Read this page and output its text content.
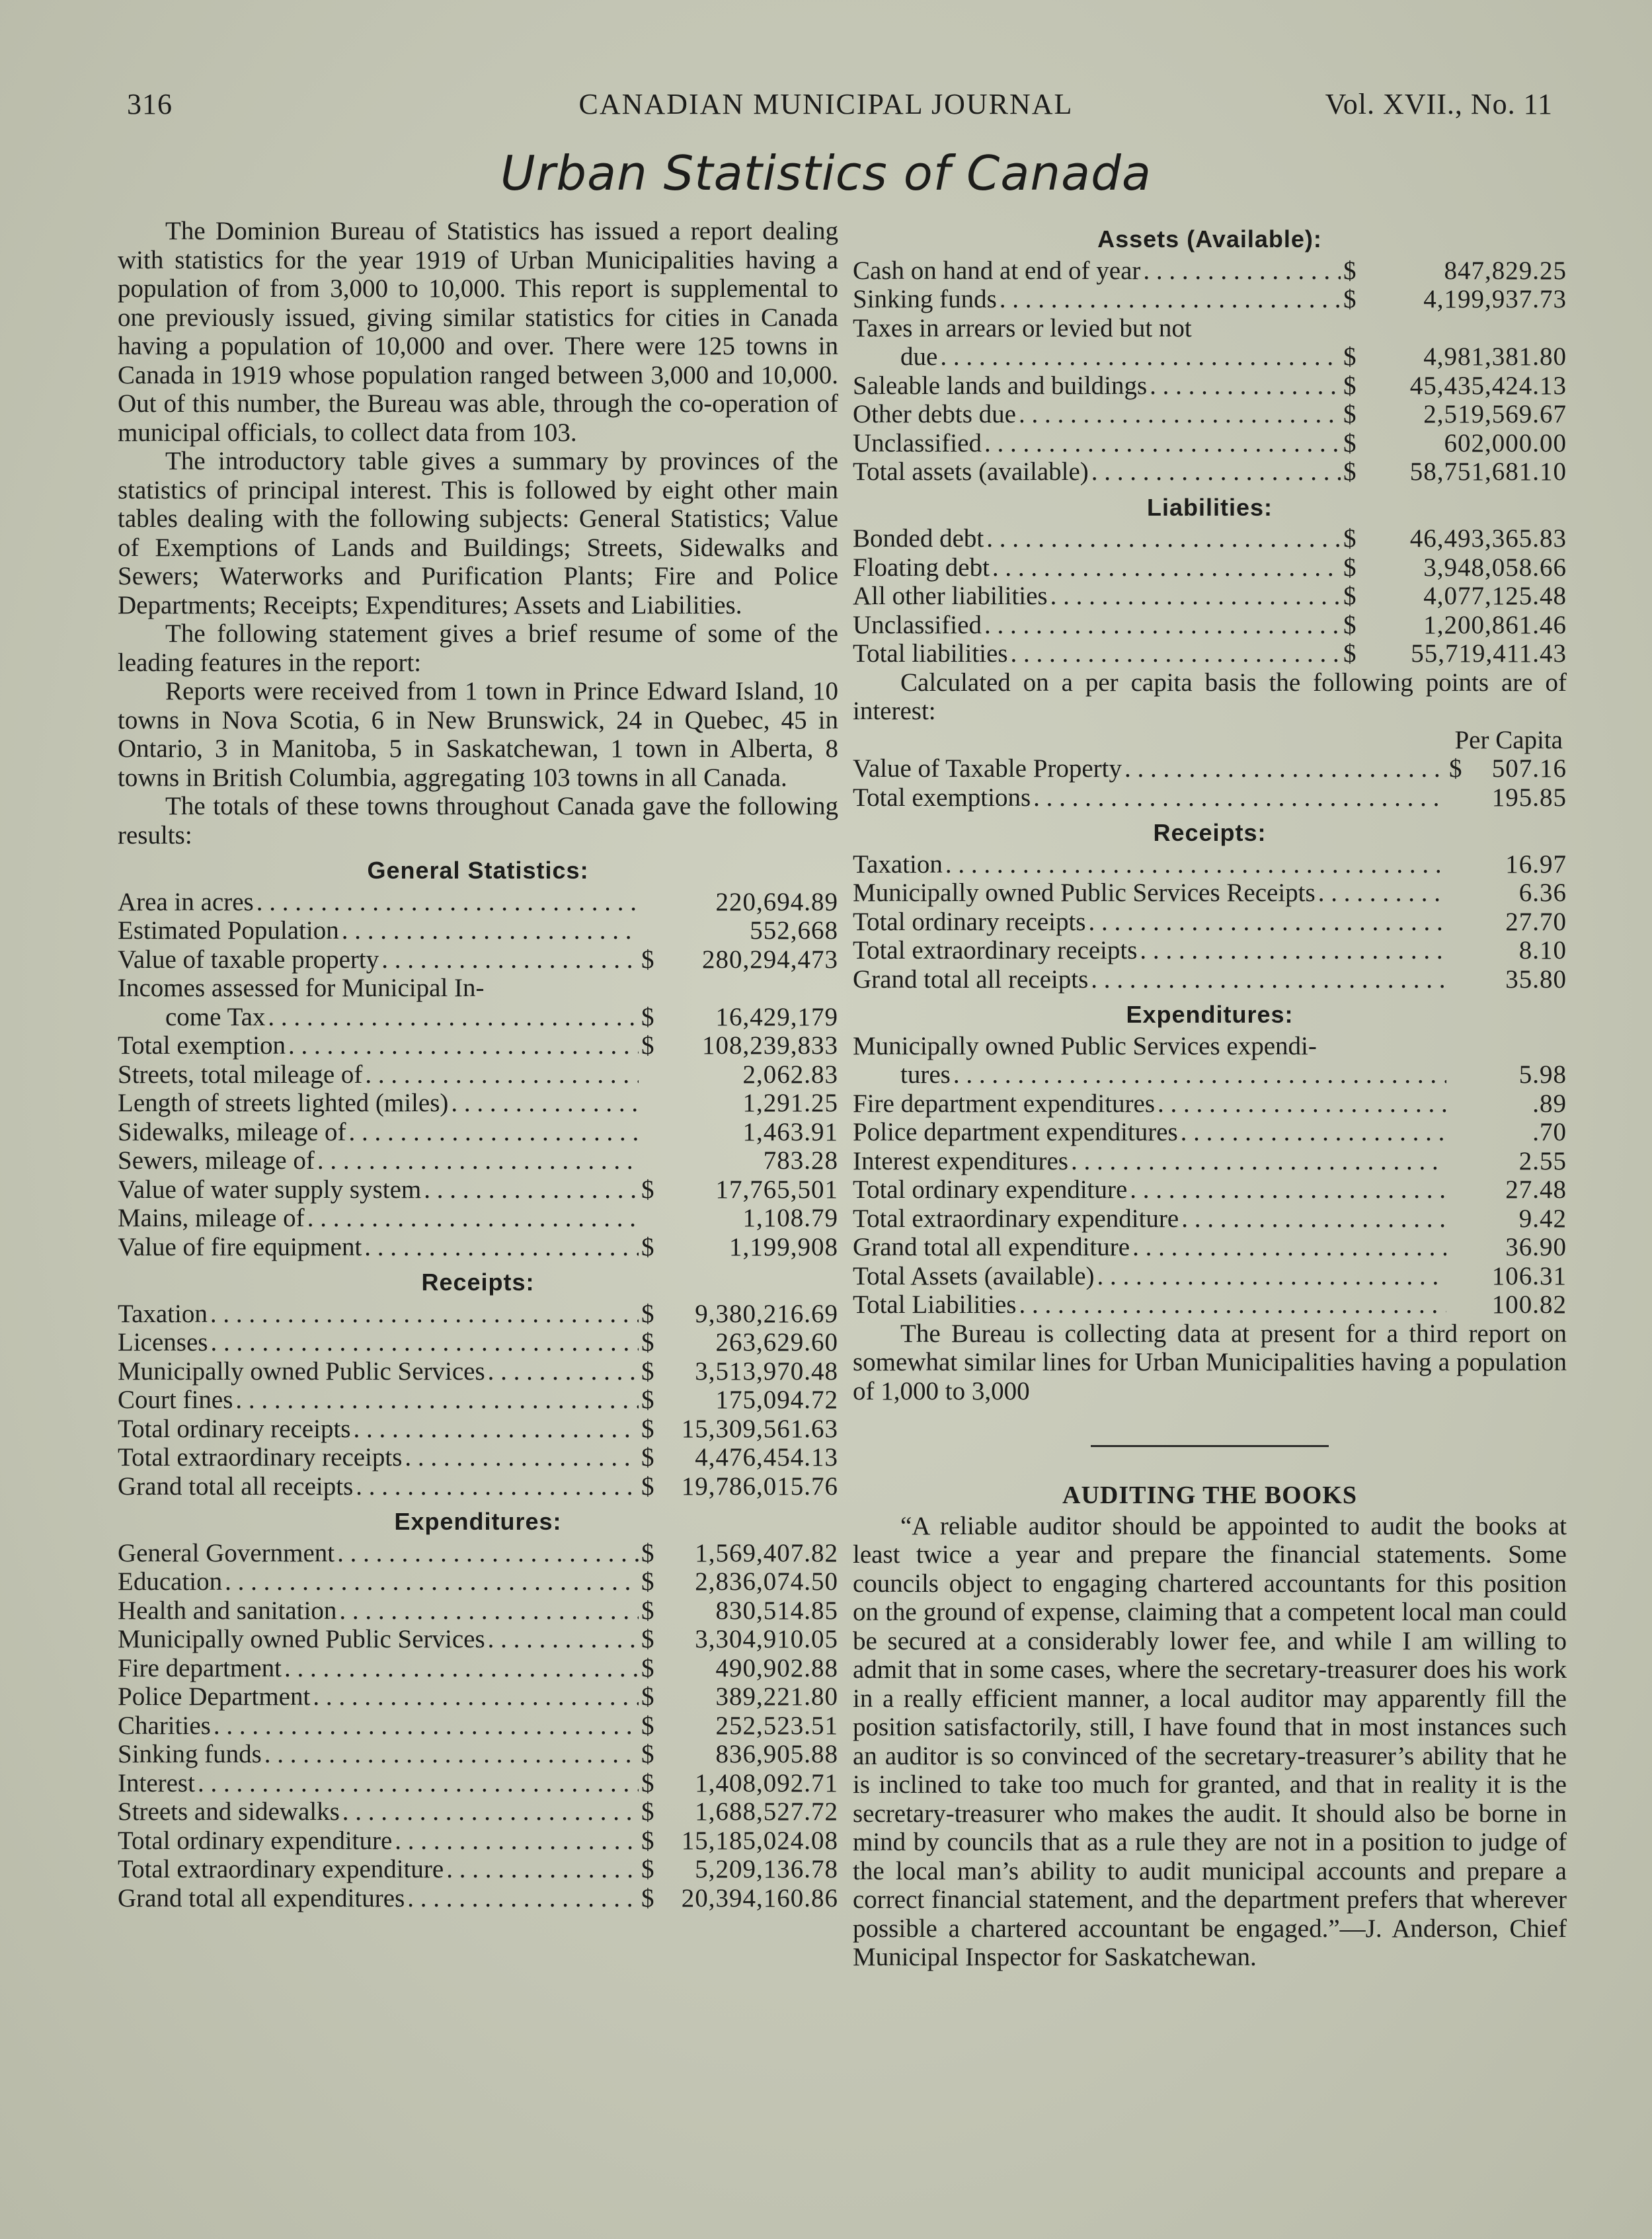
316	CANADIAN MUNICIPAL JOURNAL	Vol. XVII., No. 11
Urban Statistics of Canada

The Dominion Bureau of Statistics has issued a report dealing with statistics for the year 1919 of Urban Municipalities having a population of from 3,000 to 10,000. This report is supplemental to one previously issued, giving similar statistics for cities in Canada having a population of 10,000 and over. There were 125 towns in Canada in 1919 whose population ranged between 3,000 and 10,000. Out of this number, the Bureau was able, through the co-operation of municipal officials, to collect data from 103.

The introductory table gives a summary by provinces of the statistics of principal interest. This is followed by eight other main tables dealing with the following subjects: General Statistics; Value of Exemptions of Lands and Buildings; Streets, Sidewalks and Sewers; Waterworks and Purification Plants; Fire and Police Departments; Receipts; Expenditures; Assets and Liabilities.

The following statement gives a brief resume of some of the leading features in the report:

Reports were received from 1 town in Prince Edward Island, 10 towns in Nova Scotia, 6 in New Brunswick, 24 in Quebec, 45 in Ontario, 3 in Manitoba, 5 in Saskatchewan, 1 town in Alberta, 8 towns in British Columbia, aggregating 103 towns in all Canada.

The totals of these towns throughout Canada gave the following results:

General Statistics:
Area in acres . . .	220,694.89
Estimated Population . . .	552,668
Value of taxable property . . .	$	280,294,473
Incomes assessed for Municipal In-
come Tax . . .	$	16,429,179
Total exemption . . .	$	108,239,833
Streets, total mileage of . . .	2,062.83
Length of streets lighted (miles) . . .	1,291.25
Sidewalks, mileage of . . .	1,463.91
Sewers, mileage of . . .	783.28
Value of water supply system . . .	$	17,765,501
Mains, mileage of . . .	1,108.79
Value of fire equipment . . .	$	1,199,908
Receipts:
Taxation . . .	$	9,380,216.69
Licenses . . .	$	263,629.60
Municipally owned Public Services . . .	$	3,513,970.48
Court fines . . .	$	175,094.72
Total ordinary receipts . . .	$	15,309,561.63
Total extraordinary receipts . . .	$	4,476,454.13
Grand total all receipts . . .	$	19,786,015.76
Expenditures:
General Government . . .	$	1,569,407.82
Education . . .	$	2,836,074.50
Health and sanitation . . .	$	830,514.85
Municipally owned Public Services . . .	$	3,304,910.05
Fire department . . .	$	490,902.88
Police Department . . .	$	389,221.80
Charities . . .	$	252,523.51
Sinking funds . . .	$	836,905.88
Interest . . .	$	1,408,092.71
Streets and sidewalks . . .	$	1,688,527.72
Total ordinary expenditure . . .	$	15,185,024.08
Total extraordinary expenditure . . .	$	5,209,136.78
Grand total all expenditures . . .	$	20,394,160.86
Assets (Available):
Cash on hand at end of year . . .	$	847,829.25
Sinking funds . . .	$	4,199,937.73
Taxes in arrears or levied but not
due . . .	$	4,981,381.80
Saleable lands and buildings . . .	$	45,435,424.13
Other debts due . . .	$	2,519,569.67
Unclassified . . .	$	602,000.00
Total assets (available) . . .	$	58,751,681.10
Liabilities:
Bonded debt . . .	$	46,493,365.83
Floating debt . . .	$	3,948,058.66
All other liabilities . . .	$	4,077,125.48
Unclassified . . .	$	1,200,861.46
Total liabilities . . .	$	55,719,411.43

Calculated on a per capita basis the following points are of interest:

Per Capita
Value of Taxable Property . . .	$	507.16
Total exemptions . . .	195.85
Receipts:
Taxation . . .	16.97
Municipally owned Public Services Receipts . . .	6.36
Total ordinary receipts . . .	27.70
Total extraordinary receipts . . .	8.10
Grand total all receipts . . .	35.80
Expenditures:
Municipally owned Public Services expendi-
tures . . .	5.98
Fire department expenditures . . .	.89
Police department expenditures . . .	.70
Interest expenditures . . .	2.55
Total ordinary expenditure . . .	27.48
Total extraordinary expenditure . . .	9.42
Grand total all expenditure . . .	36.90
Total Assets (available) . . .	106.31
Total Liabilities . . .	100.82

The Bureau is collecting data at present for a third report on somewhat similar lines for Urban Municipalities having a population of 1,000 to 3,000

AUDITING THE BOOKS

“A reliable auditor should be appointed to audit the books at least twice a year and prepare the financial statements. Some councils object to engaging chartered accountants for this position on the ground of expense, claiming that a competent local man could be secured at a considerably lower fee, and while I am willing to admit that in some cases, where the secretary-treasurer does his work in a really efficient manner, a local auditor may apparently fill the position satisfactorily, still, I have found that in most instances such an auditor is so convinced of the secretary-treasurer’s ability that he is inclined to take too much for granted, and that in reality it is the secretary-treasurer who makes the audit. It should also be borne in mind by councils that as a rule they are not in a position to judge of the local man’s ability to audit municipal accounts and prepare a correct financial statement, and the department prefers that wherever possible a chartered accountant be engaged.”—J. Anderson, Chief Municipal Inspector for Saskatchewan.
